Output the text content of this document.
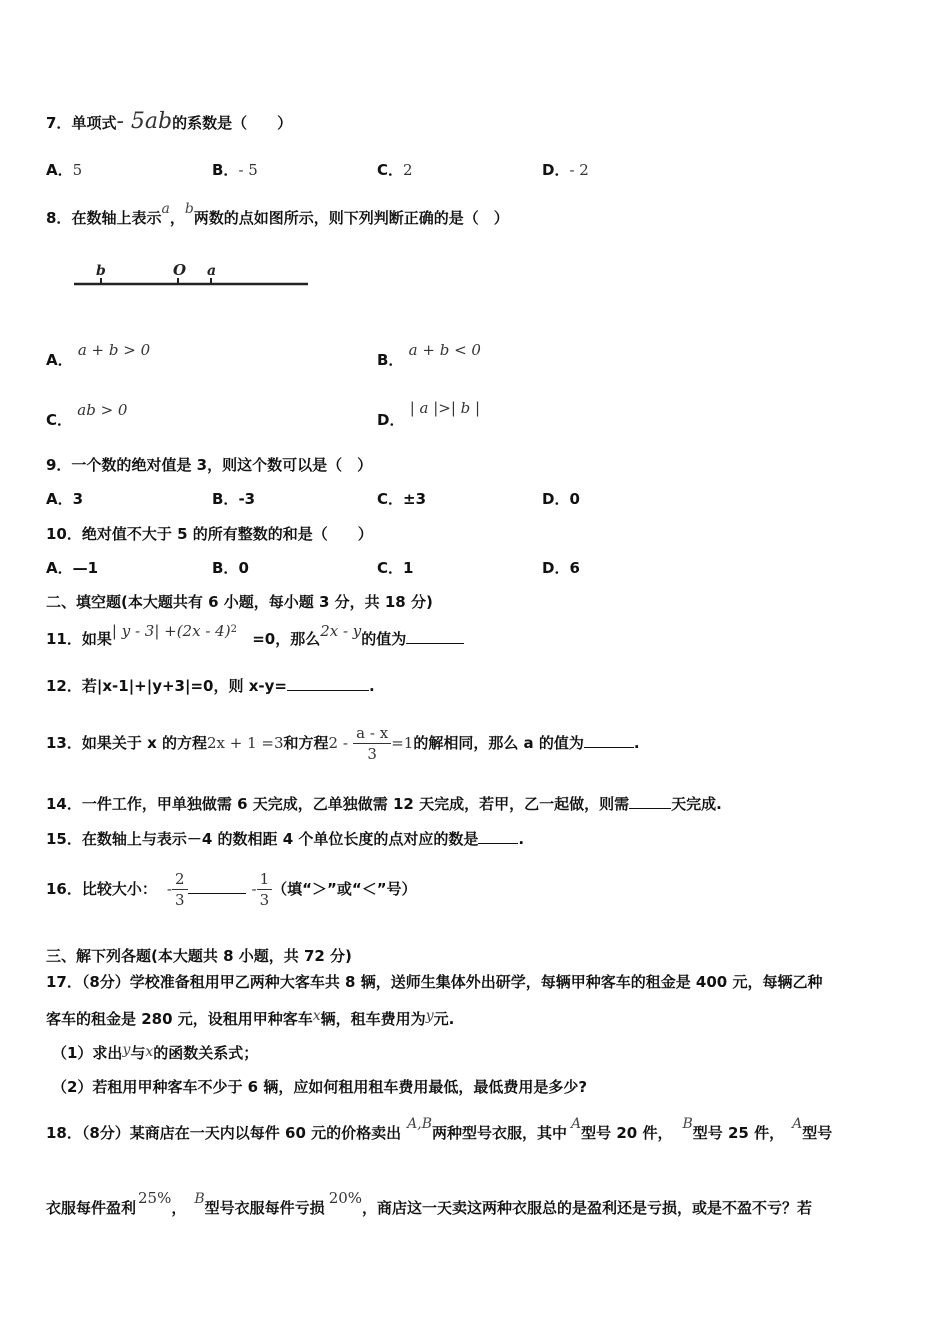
7．单项式- 5ab的系数是（　　）
A．5	B．- 5	C．2	D．- 2
8．在数轴上表示a，b两数的点如图所示，则下列判断正确的是（　）
b	O a
A． a + b > 0
B． a + b < 0
C． ab > 0
D． | a |>| b |
9．一个数的绝对值是 3，则这个数可以是（　）
A．3	B．-3	C．±3	D．0
10．绝对值不大于 5 的所有整数的和是（　　）
A．—1	B．0	C．1	D．6
二、填空题(本大题共有 6 小题，每小题 3 分，共 18 分)
11．如果| y - 3| +(2x - 4)$^2$ =0，那么2x - y的值为
12．若|x-1|+|y+3|=0，则 x-y=	.
13．如果关于 x 的方程2x + 1 =3和方程$2 - \frac{a - x}{3} =1$的解相同，那么 a 的值为	.
14．一件工作，甲单独做需 6 天完成，乙单独做需 12 天完成，若甲，乙一起做，则需	天完成.
15．在数轴上与表示－4 的数相距 4 个单位长度的点对应的数是	.
16．比较大小： - $\frac{2}{3}$	- $\frac{1}{3}$ （填“＞”或“＜”号）
三、解下列各题(本大题共 8 小题，共 72 分)
17．（8分）学校准备租用甲乙两种大客车共 8 辆，送师生集体外出研学，每辆甲种客车的租金是 400 元，每辆乙种
客车的租金是 280 元，设租用甲种客车x辆，租车费用为y元.
（1）求出y与x的函数关系式；
（2）若租用甲种客车不少于 6 辆，应如何租用租车费用最低，最低费用是多少?
18．（8分）某商店在一天内以每件 60 元的价格卖出 A,B两种型号衣服，其中 A型号 20 件， B型号 25 件， A型号
衣服每件盈利25%， B型号衣服每件亏损20%，商店这一天卖这两种衣服总的是盈利还是亏损，或是不盈不亏？若
